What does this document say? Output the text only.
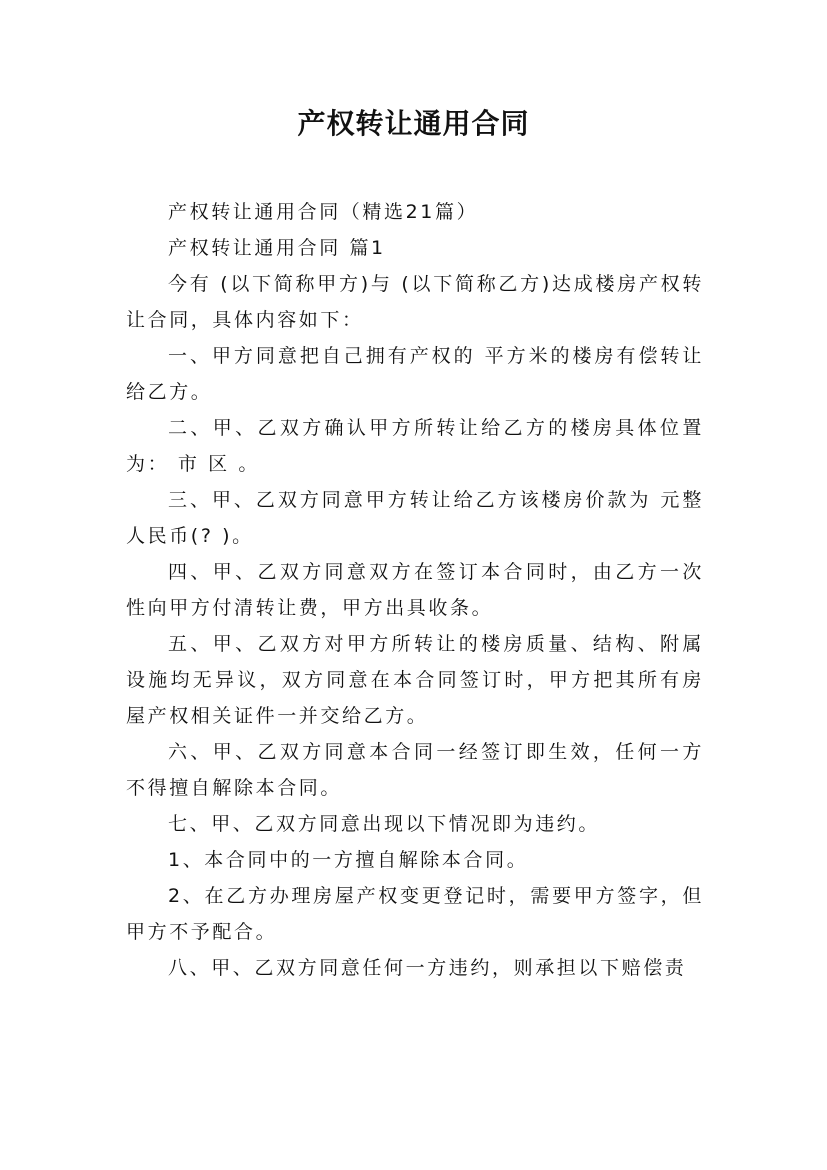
产权转让通用合同

产权转让通用合同（精选21篇）

产权转让通用合同 篇1

今有 (以下简称甲方)与 (以下简称乙方)达成楼房产权转让合同，具体内容如下：

一、甲方同意把自己拥有产权的 平方米的楼房有偿转让给乙方。

二、甲、乙双方确认甲方所转让给乙方的楼房具体位置为： 市 区 。

三、甲、乙双方同意甲方转让给乙方该楼房价款为 元整人民币(? )。

四、甲、乙双方同意双方在签订本合同时，由乙方一次性向甲方付清转让费，甲方出具收条。

五、甲、乙双方对甲方所转让的楼房质量、结构、附属设施均无异议，双方同意在本合同签订时，甲方把其所有房屋产权相关证件一并交给乙方。

六、甲、乙双方同意本合同一经签订即生效，任何一方不得擅自解除本合同。

七、甲、乙双方同意出现以下情况即为违约。

1、本合同中的一方擅自解除本合同。

2、在乙方办理房屋产权变更登记时，需要甲方签字，但甲方不予配合。

八、甲、乙双方同意任何一方违约，则承担以下赔偿责
